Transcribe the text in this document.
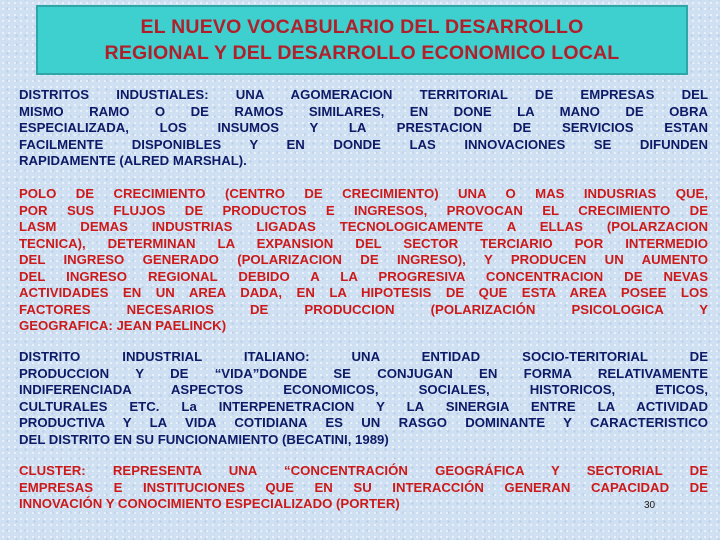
EL NUEVO VOCABULARIO DEL DESARROLLO
REGIONAL Y DEL DESARROLLO ECONOMICO LOCAL
DISTRITOS INDUSTIALES: UNA AGOMERACION TERRITORIAL DE EMPRESAS DEL
MISMO RAMO O DE RAMOS SIMILARES, EN DONE LA MANO DE OBRA
ESPECIALIZADA, LOS INSUMOS Y LA PRESTACION DE SERVICIOS ESTAN
FACILMENTE DISPONIBLES Y EN DONDE LAS INNOVACIONES SE DIFUNDEN
RAPIDAMENTE (ALRED MARSHAL).
POLO DE CRECIMIENTO (CENTRO DE CRECIMIENTO) UNA O MAS INDUSRIAS QUE,
POR SUS FLUJOS DE PRODUCTOS E INGRESOS, PROVOCAN EL CRECIMIENTO DE
LASM DEMAS INDUSTRIAS LIGADAS TECNOLOGICAMENTE A ELLAS (POLARZACION
TECNICA), DETERMINAN LA EXPANSION DEL SECTOR TERCIARIO POR INTERMEDIO
DEL INGRESO GENERADO (POLARIZACION DE INGRESO), Y PRODUCEN UN AUMENTO
DEL INGRESO REGIONAL DEBIDO A LA PROGRESIVA CONCENTRACION DE NEVAS
ACTIVIDADES EN UN AREA DADA, EN LA HIPOTESIS DE QUE ESTA AREA POSEE LOS
FACTORES NECESARIOS DE PRODUCCION (POLARIZACIÓN PSICOLOGICA Y
GEOGRAFICA: JEAN PAELINCK)
DISTRITO INDUSTRIAL ITALIANO: UNA ENTIDAD SOCIO-TERITORIAL DE
PRODUCCION Y DE “VIDA”DONDE SE CONJUGAN EN FORMA RELATIVAMENTE
INDIFERENCIADA ASPECTOS ECONOMICOS, SOCIALES, HISTORICOS, ETICOS,
CULTURALES ETC. La INTERPENETRACION Y LA SINERGIA ENTRE LA ACTIVIDAD
PRODUCTIVA Y LA VIDA COTIDIANA ES UN RASGO DOMINANTE Y CARACTERISTICO
DEL DISTRITO EN SU FUNCIONAMIENTO (BECATINI, 1989)
CLUSTER: REPRESENTA UNA “CONCENTRACIÓN GEOGRÁFICA Y SECTORIAL DE
EMPRESAS E INSTITUCIONES QUE EN SU INTERACCIÓN GENERAN CAPACIDAD DE
INNOVACIÓN Y CONOCIMIENTO ESPECIALIZADO (PORTER)	30
